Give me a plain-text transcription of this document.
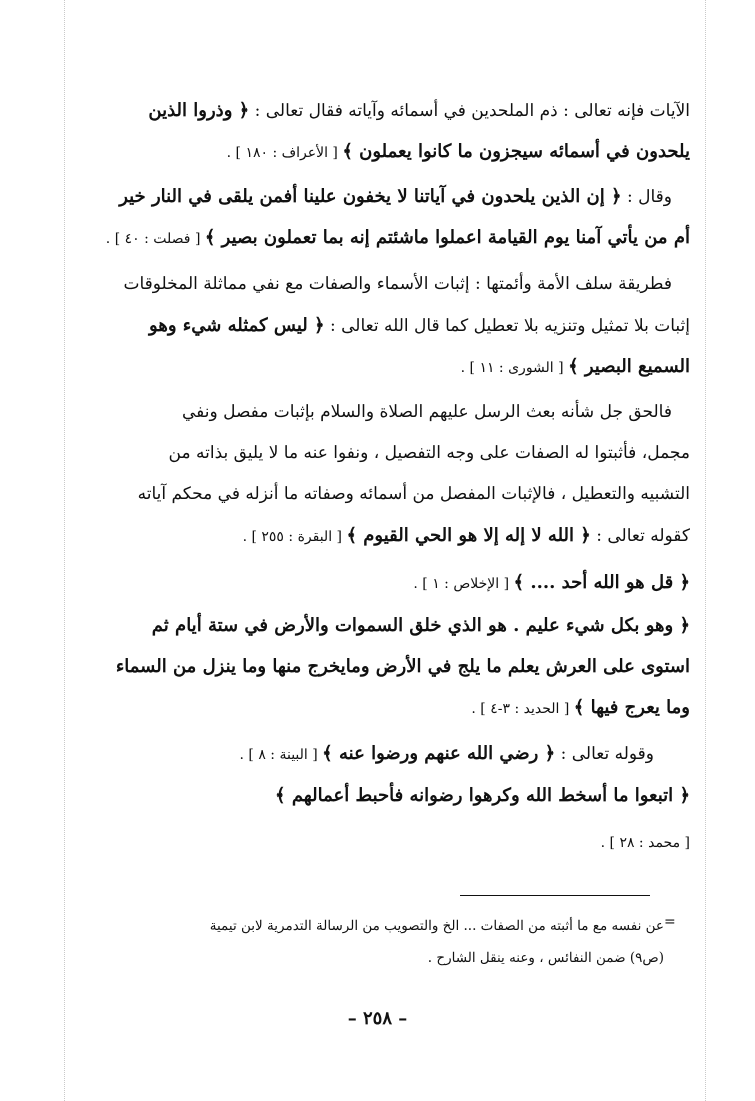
الآيات فإنه تعالى : ذم الملحدين في أسمائه وآياته فقال تعالى : ﴿ وذروا الذين
يلحدون في أسمائه سيجزون ما كانوا يعملون ﴾ [ الأعراف : ١٨٠ ] .
وقال : ﴿ إن الذين يلحدون في آياتنا لا يخفون علينا أفمن يلقى في النار خير
أم من يأتي آمنا يوم القيامة اعملوا ماشئتم إنه بما تعملون بصير ﴾ [ فصلت : ٤٠ ] .
فطريقة سلف الأمة وأئمتها : إثبات الأسماء والصفات مع نفي مماثلة المخلوقات
إثبات بلا تمثيل وتنزيه بلا تعطيل كما قال الله تعالى : ﴿ ليس كمثله شيء وهو
السميع البصير ﴾ [ الشورى : ١١ ] .
فالحق جل شأنه بعث الرسل عليهم الصلاة والسلام بإثبات مفصل ونفي
مجمل، فأثبتوا له الصفات على وجه التفصيل ، ونفوا عنه ما لا يليق بذاته من
التشبيه والتعطيل ، فالإثبات المفصل من أسمائه وصفاته ما أنزله في محكم آياته
كقوله تعالى : ﴿ الله لا إله إلا هو الحي القيوم ﴾ [ البقرة : ٢٥٥ ] .
﴿ قل هو الله أحد .... ﴾ [ الإخلاص : ١ ] .
﴿ وهو بكل شيء عليم . هو الذي خلق السموات والأرض في ستة أيام ثم
استوى على العرش يعلم ما يلج في الأرض ومايخرج منها وما ينزل من السماء
وما يعرج فيها ﴾ [ الحديد : ٣-٤ ] .
وقوله تعالى : ﴿ رضي الله عنهم ورضوا عنه ﴾ [ البينة : ٨ ] .
﴿ اتبعوا ما أسخط الله وكرهوا رضوانه فأحبط أعمالهم ﴾
[ محمد : ٢٨ ] .
=
عن نفسه مع ما أثبته من الصفات ... الخ والتصويب من الرسالة التدمرية لابن تيمية
(ص٩) ضمن النفائس ، وعنه ينقل الشارح .
– ٢٥٨ –
